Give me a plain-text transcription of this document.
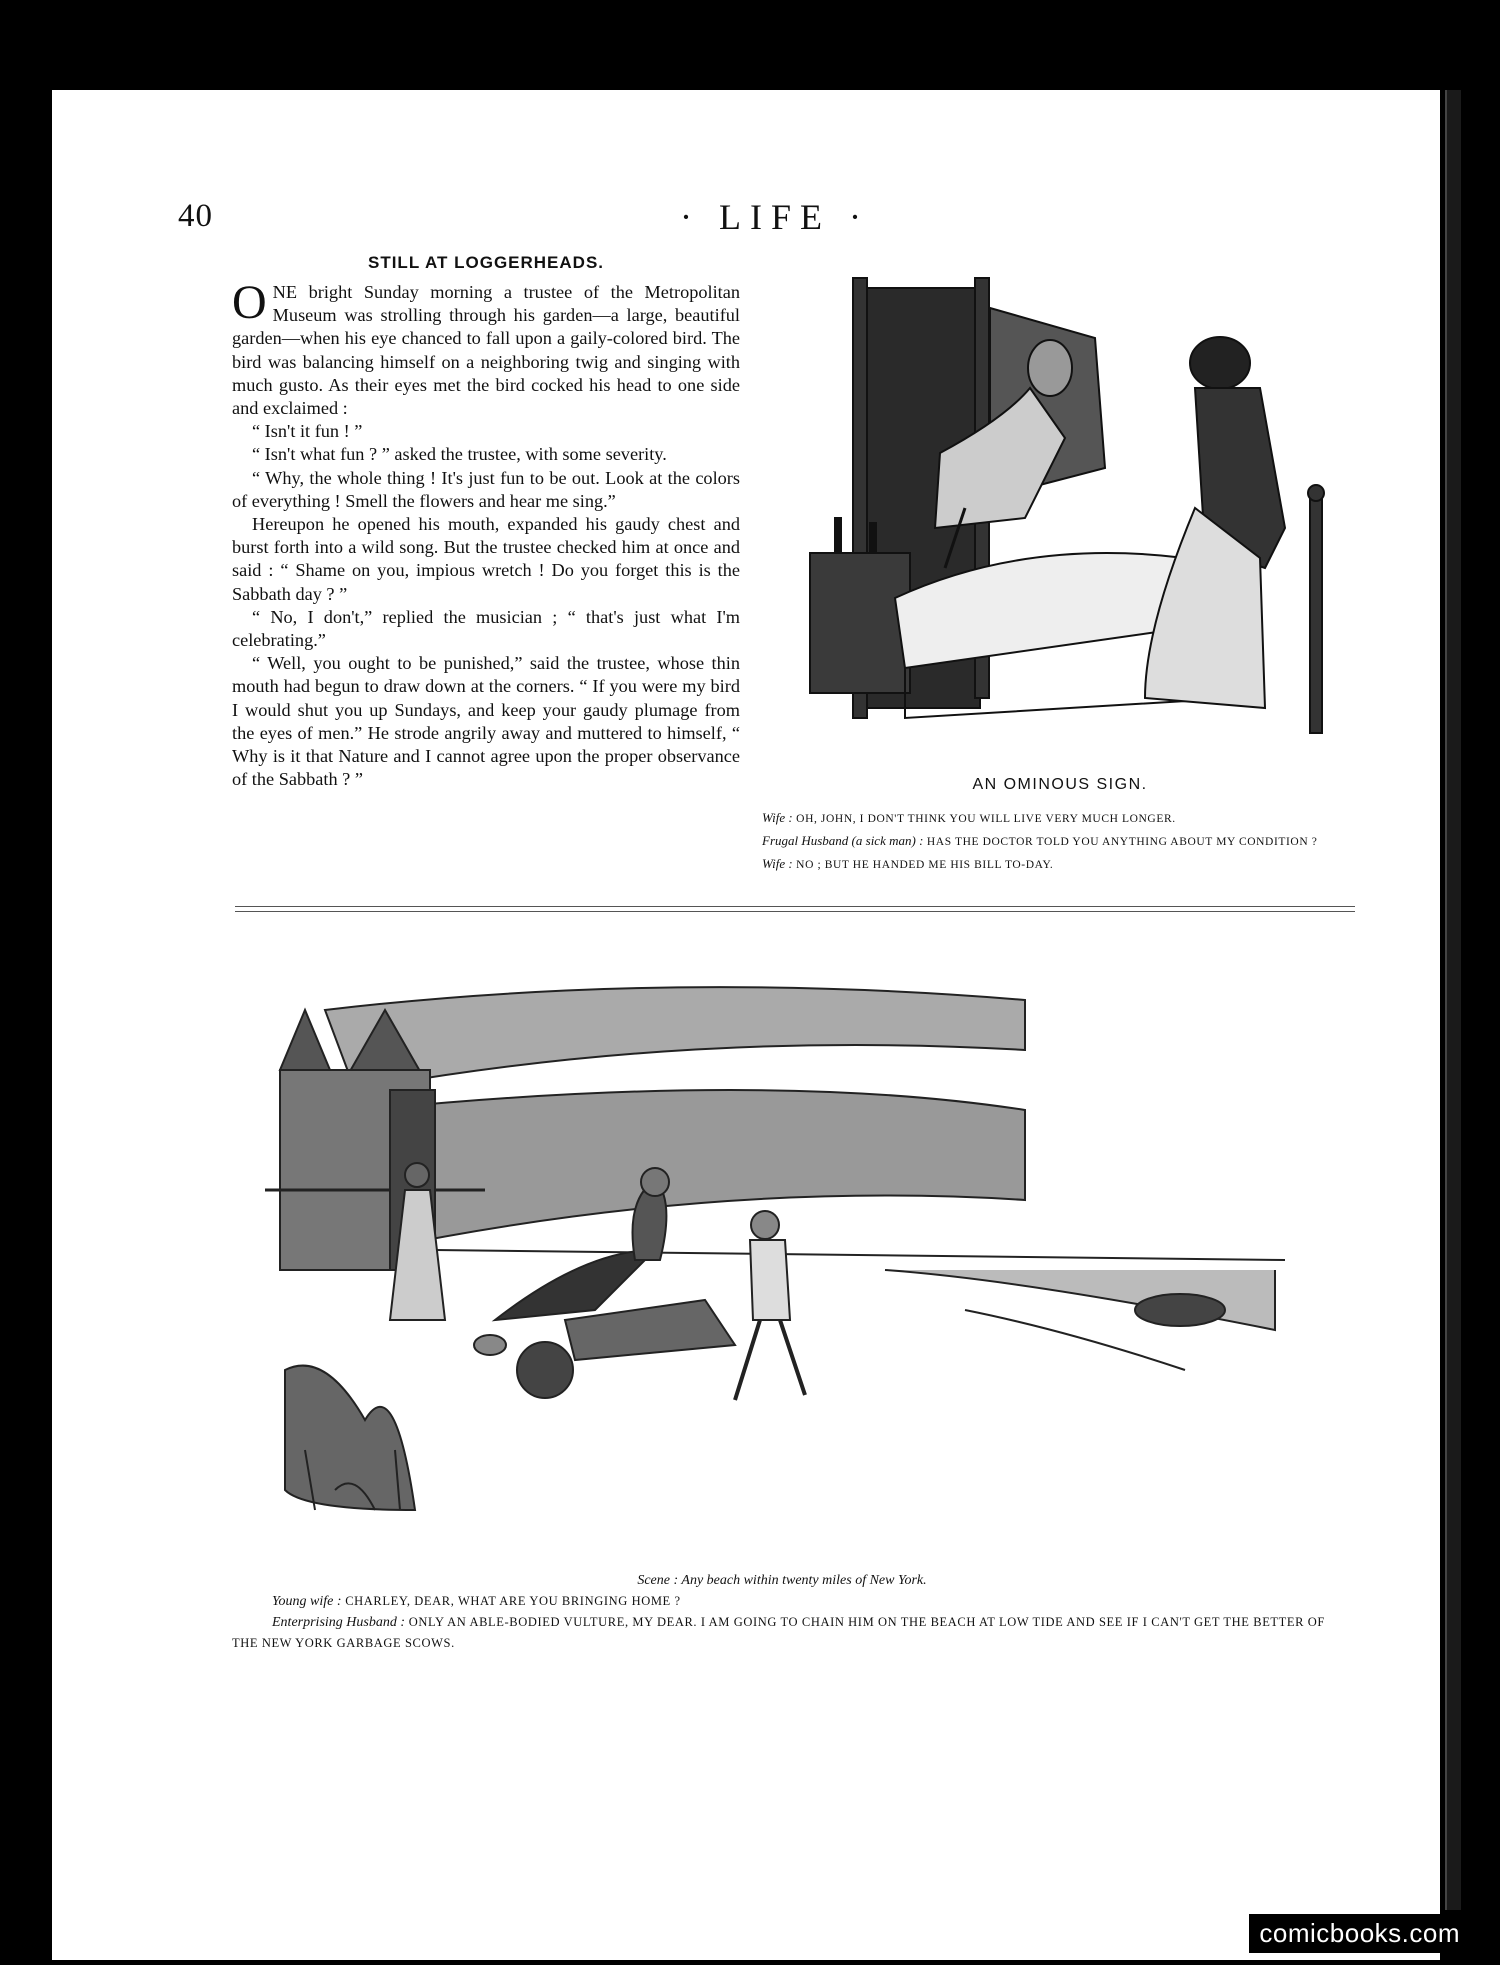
40	· LIFE ·
STILL AT LOGGERHEADS.

ONE bright Sunday morning a trustee of the Metropolitan Museum was strolling through his garden—a large, beautiful garden—when his eye chanced to fall upon a gaily-colored bird. The bird was balancing himself on a neighboring twig and singing with much gusto. As their eyes met the bird cocked his head to one side and exclaimed :

“ Isn't it fun ! ”

“ Isn't what fun ? ” asked the trustee, with some severity.

“ Why, the whole thing ! It's just fun to be out. Look at the colors of everything ! Smell the flowers and hear me sing.”

Hereupon he opened his mouth, expanded his gaudy chest and burst forth into a wild song. But the trustee checked him at once and said : “ Shame on you, impious wretch ! Do you forget this is the Sabbath day ? ”

“ No, I don't,” replied the musician ; “ that's just what I'm celebrating.”

“ Well, you ought to be punished,” said the trustee, whose thin mouth had begun to draw down at the corners. “ If you were my bird I would shut you up Sundays, and keep your gaudy plumage from the eyes of men.” He strode angrily away and muttered to himself, “ Why is it that Nature and I cannot agree upon the proper observance of the Sabbath ? ”	AN OMINOUS SIGN.
Wife : OH, JOHN, I DON'T THINK YOU WILL LIVE VERY MUCH LONGER.
Frugal Husband (a sick man) : HAS THE DOCTOR TOLD YOU ANYTHING ABOUT MY CONDITION ?
Wife : NO ; BUT HE HANDED ME HIS BILL TO-DAY.
Scene : Any beach within twenty miles of New York.
Young wife : CHARLEY, DEAR, WHAT ARE YOU BRINGING HOME ?
Enterprising Husband : ONLY AN ABLE-BODIED VULTURE, MY DEAR. I AM GOING TO CHAIN HIM ON THE BEACH AT LOW TIDE AND SEE IF I CAN'T GET THE BETTER OF THE NEW YORK GARBAGE SCOWS.
comicbooks.com
